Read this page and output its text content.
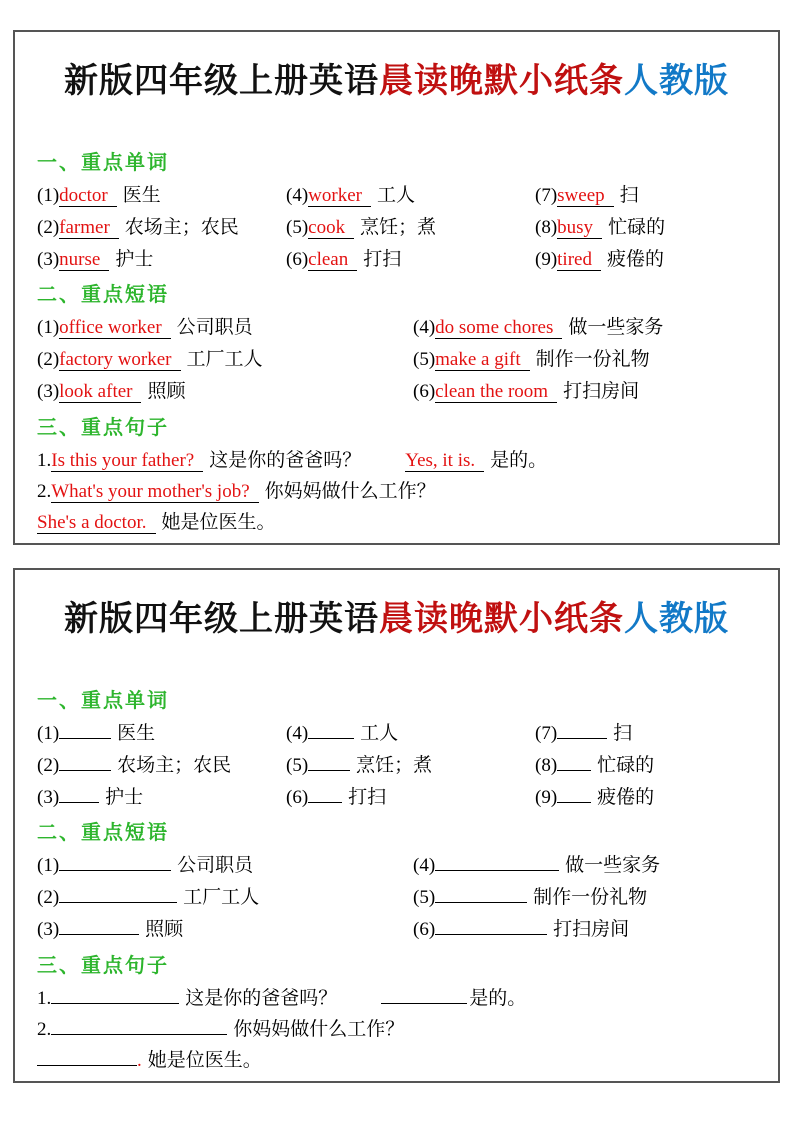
新版四年级上册英语晨读晚默小纸条人教版
一、重点单词
(1)doctor 医生
(2)farmer 农场主；农民
(3)nurse 护士
(4)worker 工人
(5)cook 烹饪；煮
(6)clean 打扫
(7)sweep 扫
(8)busy 忙碌的
(9)tired 疲倦的
二、重点短语
(1)office worker 公司职员
(2)factory worker 工厂工人
(3)look after 照顾
(4)do some chores 做一些家务
(5)make a gift 制作一份礼物
(6)clean the room 打扫房间
三、重点句子
1.Is this your father? 这是你的爸爸吗？ Yes, it is. 是的。
2.What's your mother's job? 你妈妈做什么工作？
She's a doctor. 她是位医生。
新版四年级上册英语晨读晚默小纸条人教版
一、重点单词
(1)	医生
(2)	农场主；农民
(3) 护士
(4)	工人
(5)	烹饪；煮
(6) 打扫
(7)	扫
(8) 忙碌的
(9) 疲倦的
二、重点短语
(1)	公司职员
(2)	工厂工人
(3)	照顾
(4)	做一些家务
(5)	制作一份礼物
(6)	打扫房间
三、重点句子
1.	这是你的爸爸吗？	是的。
2.	你妈妈做什么工作？
. 她是位医生。
